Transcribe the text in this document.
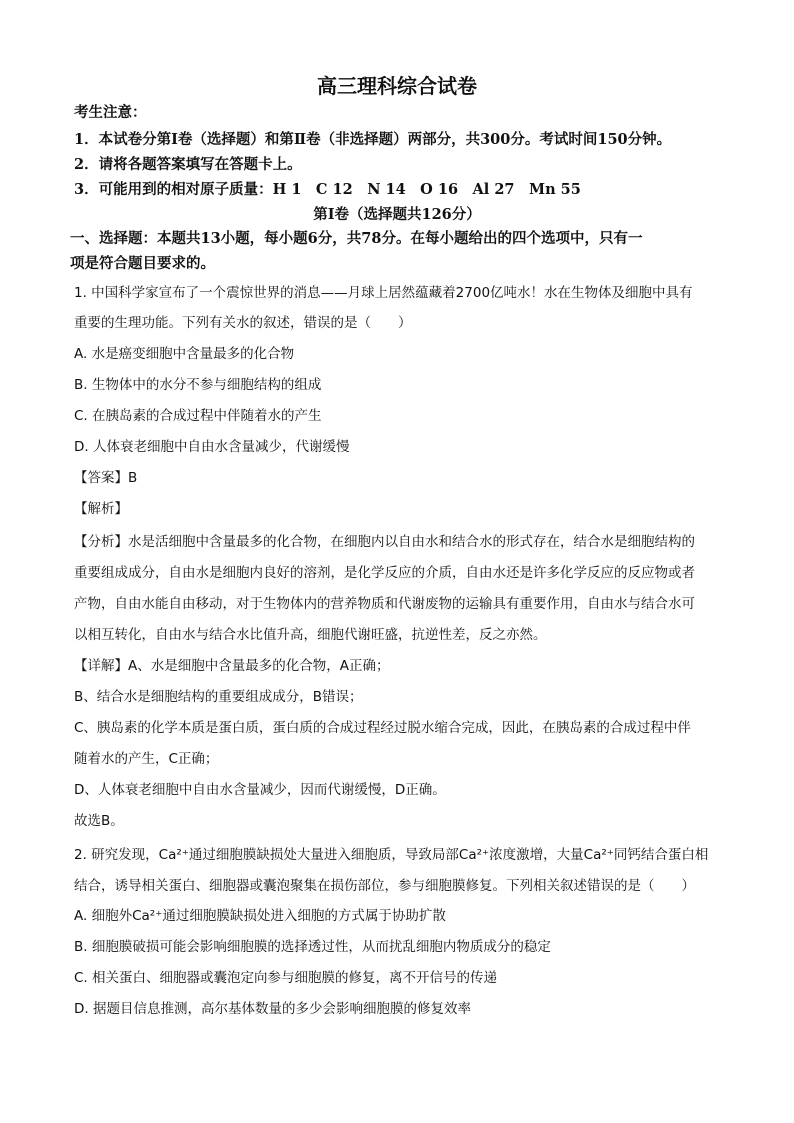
高三理科综合试卷
考生注意：
1．本试卷分第Ⅰ卷（选择题）和第Ⅱ卷（非选择题）两部分，共300分。考试时间150分钟。
2．请将各题答案填写在答题卡上。
3．可能用到的相对原子质量：H 1　C 12　N 14　O 16　Al 27　Mn 55
第Ⅰ卷（选择题共126分）
一、选择题：本题共13小题，每小题6分，共78分。在每小题给出的四个选项中，只有一
项是符合题目要求的。
1. 中国科学家宣布了一个震惊世界的消息——月球上居然蕴藏着2700亿吨水！水在生物体及细胞中具有
重要的生理功能。下列有关水的叙述，错误的是（　　）
A. 水是癌变细胞中含量最多的化合物
B. 生物体中的水分不参与细胞结构的组成
C. 在胰岛素的合成过程中伴随着水的产生
D. 人体衰老细胞中自由水含量减少，代谢缓慢
【答案】B
【解析】
【分析】水是活细胞中含量最多的化合物，在细胞内以自由水和结合水的形式存在，结合水是细胞结构的
重要组成成分，自由水是细胞内良好的溶剂，是化学反应的介质，自由水还是许多化学反应的反应物或者
产物，自由水能自由移动，对于生物体内的营养物质和代谢废物的运输具有重要作用，自由水与结合水可
以相互转化，自由水与结合水比值升高，细胞代谢旺盛，抗逆性差，反之亦然。
【详解】A、水是细胞中含量最多的化合物，A正确；
B、结合水是细胞结构的重要组成成分，B错误；
C、胰岛素的化学本质是蛋白质，蛋白质的合成过程经过脱水缩合完成，因此，在胰岛素的合成过程中伴
随着水的产生，C正确；
D、人体衰老细胞中自由水含量减少，因而代谢缓慢，D正确。
故选B。
2. 研究发现，Ca²⁺通过细胞膜缺损处大量进入细胞质，导致局部Ca²⁺浓度激增，大量Ca²⁺同钙结合蛋白相
结合，诱导相关蛋白、细胞器或囊泡聚集在损伤部位，参与细胞膜修复。下列相关叙述错误的是（　　）
A. 细胞外Ca²⁺通过细胞膜缺损处进入细胞的方式属于协助扩散
B. 细胞膜破损可能会影响细胞膜的选择透过性，从而扰乱细胞内物质成分的稳定
C. 相关蛋白、细胞器或囊泡定向参与细胞膜的修复，离不开信号的传递
D. 据题目信息推测，高尔基体数量的多少会影响细胞膜的修复效率
